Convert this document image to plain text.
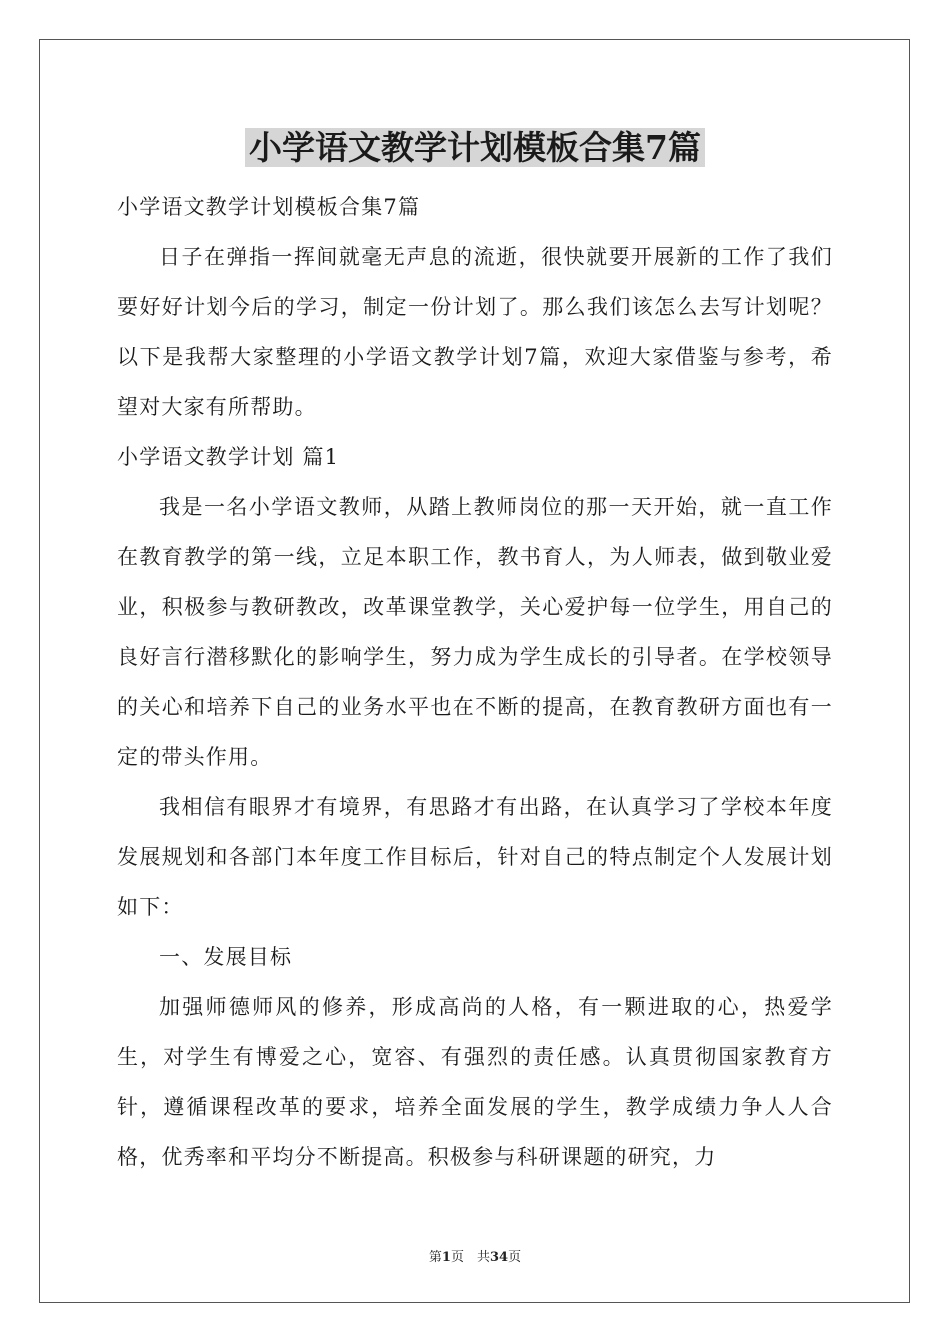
小学语文教学计划模板合集7篇

小学语文教学计划模板合集7篇

日子在弹指一挥间就毫无声息的流逝，很快就要开展新的工作了我们要好好计划今后的学习，制定一份计划了。那么我们该怎么去写计划呢？以下是我帮大家整理的小学语文教学计划7篇，欢迎大家借鉴与参考，希望对大家有所帮助。

小学语文教学计划 篇1

我是一名小学语文教师，从踏上教师岗位的那一天开始，就一直工作在教育教学的第一线，立足本职工作，教书育人，为人师表，做到敬业爱业，积极参与教研教改，改革课堂教学，关心爱护每一位学生，用自己的良好言行潜移默化的影响学生，努力成为学生成长的引导者。在学校领导的关心和培养下自己的业务水平也在不断的提高，在教育教研方面也有一定的带头作用。

我相信有眼界才有境界，有思路才有出路，在认真学习了学校本年度发展规划和各部门本年度工作目标后，针对自己的特点制定个人发展计划如下：

一、发展目标

加强师德师风的修养，形成高尚的人格，有一颗进取的心，热爱学生，对学生有博爱之心，宽容、有强烈的责任感。认真贯彻国家教育方针，遵循课程改革的要求，培养全面发展的学生，教学成绩力争人人合格，优秀率和平均分不断提高。积极参与科研课题的研究，力

第1页　共34页
